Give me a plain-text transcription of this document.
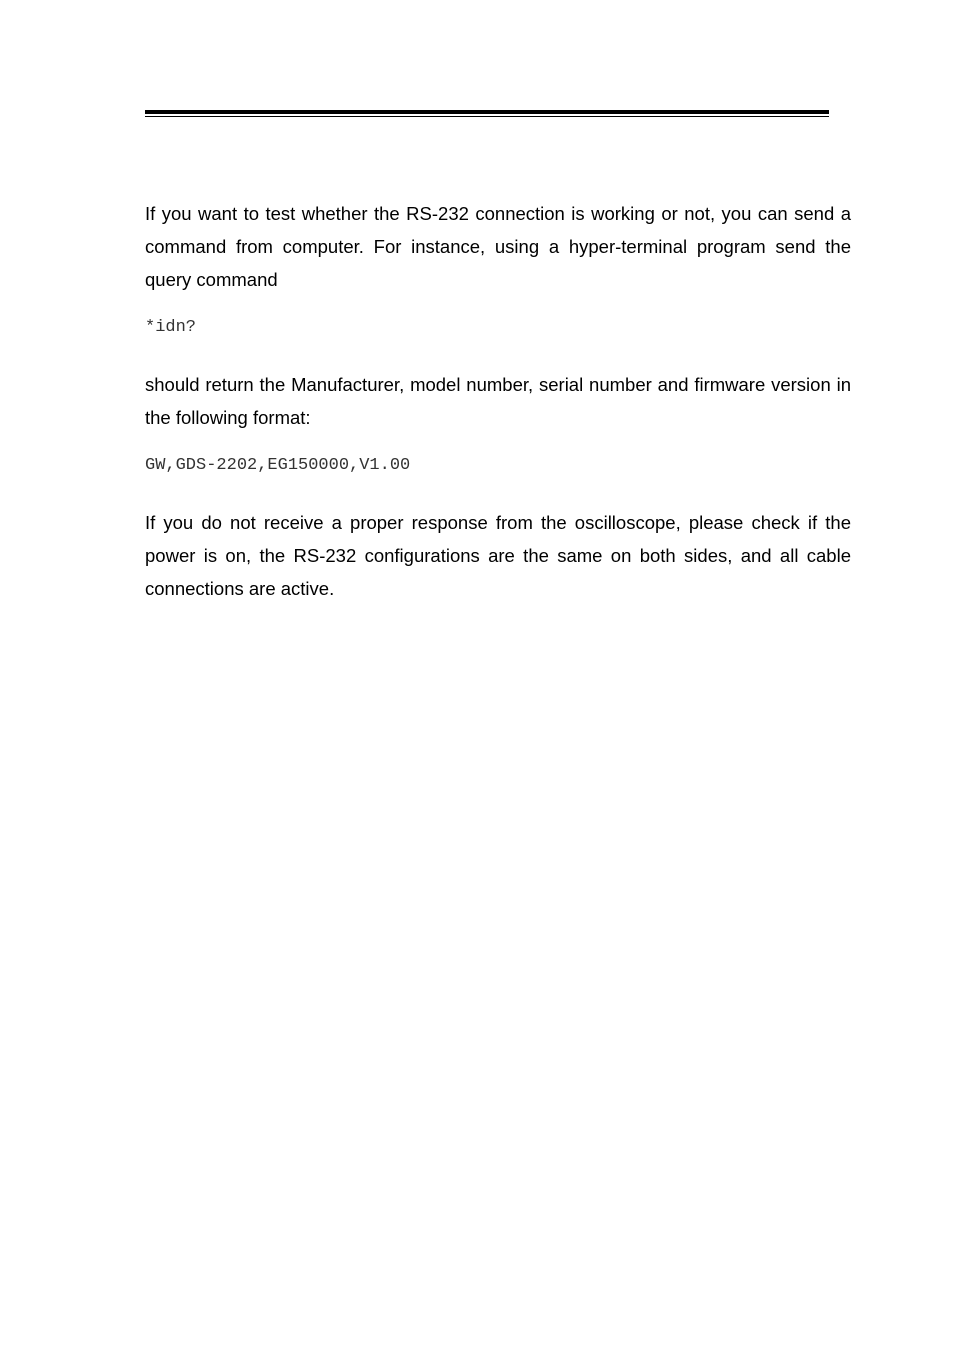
If you want to test whether the RS-232 connection is working or not, you can send a command from computer. For instance, using a hyper-terminal program send the query command

*idn?

should return the Manufacturer, model number, serial number and firmware version in the following format:

GW,GDS-2202,EG150000,V1.00

If you do not receive a proper response from the oscilloscope, please check if the power is on, the RS-232 configurations are the same on both sides, and all cable connections are active.
